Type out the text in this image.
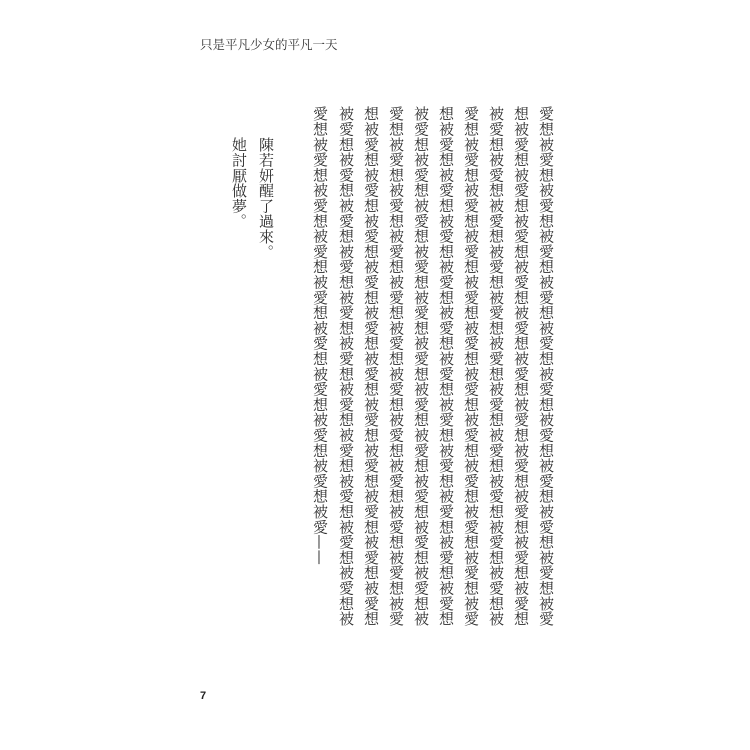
只是平凡少女的平凡一天
愛想被愛想被愛想被愛想被愛想被愛想被愛想被愛想被愛想被愛想被愛想被愛
想被愛想被愛想被愛想被愛想被愛想被愛想被愛想被愛想被愛想被愛想被愛想
被愛想被愛想被愛想被愛想被愛想被愛想被愛想被愛想被愛想被愛想被愛想被
愛想被愛想被愛想被愛想被愛想被愛想被愛想被愛想被愛想被愛想被愛想被愛
想被愛想被愛想被愛想被愛想被愛想被愛想被愛想被愛想被愛想被愛想被愛想
被愛想被愛想被愛想被愛想被愛想被愛想被愛想被愛想被愛想被愛想被愛想被
愛想被愛想被愛想被愛想被愛想被愛想被愛想被愛想被愛想被愛想被愛想被愛
想被愛想被愛想被愛想被愛想被愛想被愛想被愛想被愛想被愛想被愛想被愛想
被愛想被愛想被愛想被愛想被愛想被愛想被愛想被愛想被愛想被愛想被愛想被
愛想被愛想被愛想被愛想被愛想被愛想被愛想被愛想被愛想被愛——
陳若妍醒了過來。
她討厭做夢。
7
